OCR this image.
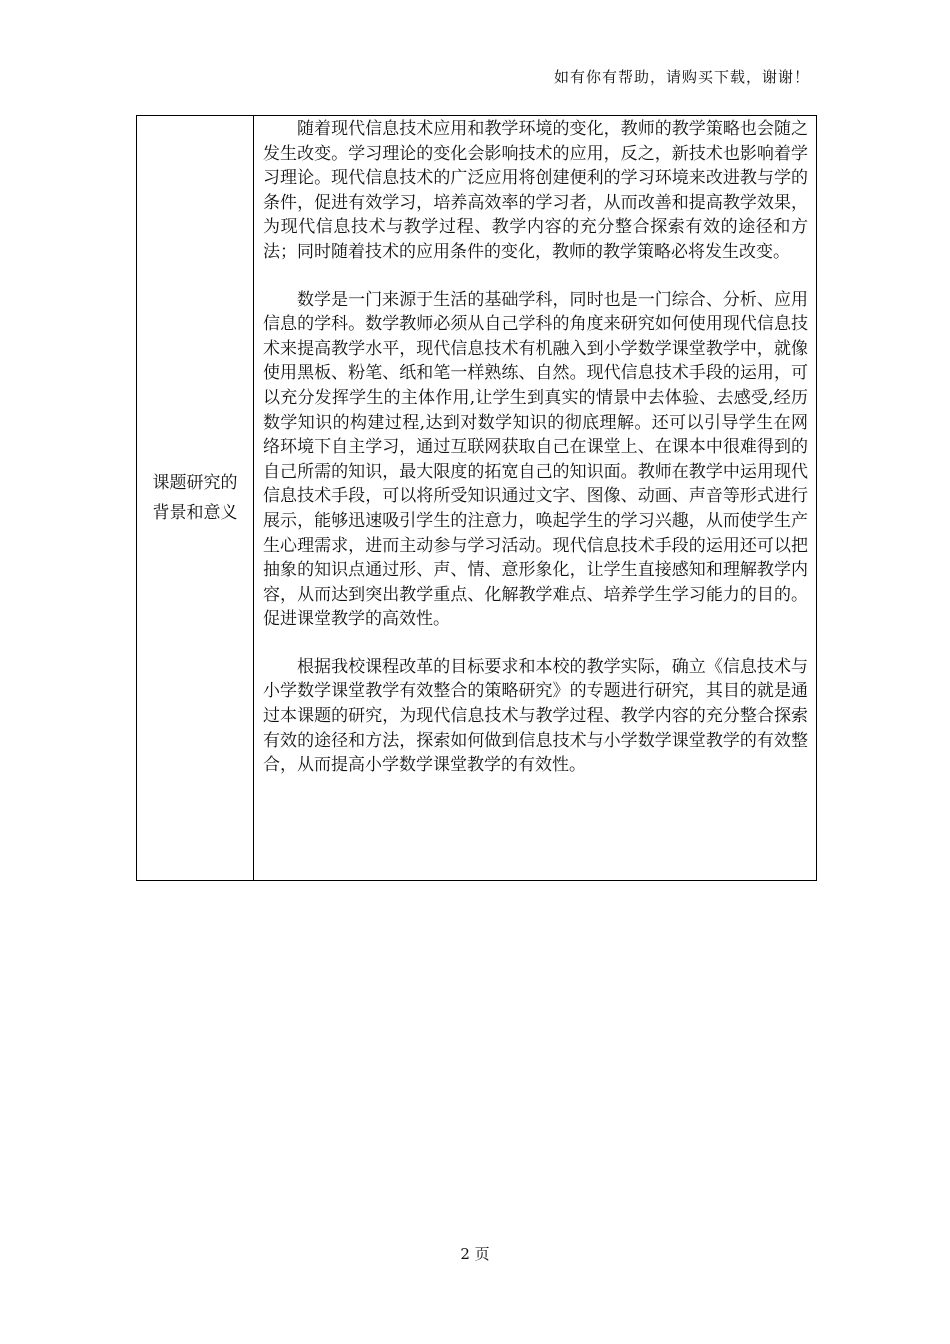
如有你有帮助，请购买下载，谢谢！
课题研究的背景和意义

随着现代信息技术应用和教学环境的变化，教师的教学策略也会随之发生改变。学习理论的变化会影响技术的应用，反之，新技术也影响着学习理论。现代信息技术的广泛应用将创建便利的学习环境来改进教与学的条件，促进有效学习，培养高效率的学习者，从而改善和提高教学效果，为现代信息技术与教学过程、教学内容的充分整合探索有效的途径和方法；同时随着技术的应用条件的变化，教师的教学策略必将发生改变。

数学是一门来源于生活的基础学科，同时也是一门综合、分析、应用信息的学科。数学教师必须从自己学科的角度来研究如何使用现代信息技术来提高教学水平，现代信息技术有机融入到小学数学课堂教学中，就像使用黑板、粉笔、纸和笔一样熟练、自然。现代信息技术手段的运用，可以充分发挥学生的主体作用,让学生到真实的情景中去体验、去感受,经历数学知识的构建过程,达到对数学知识的彻底理解。还可以引导学生在网络环境下自主学习，通过互联网获取自己在课堂上、在课本中很难得到的自己所需的知识，最大限度的拓宽自己的知识面。教师在教学中运用现代信息技术手段，可以将所受知识通过文字、图像、动画、声音等形式进行展示，能够迅速吸引学生的注意力，唤起学生的学习兴趣，从而使学生产生心理需求，进而主动参与学习活动。现代信息技术手段的运用还可以把抽象的知识点通过形、声、情、意形象化，让学生直接感知和理解教学内容，从而达到突出教学重点、化解教学难点、培养学生学习能力的目的。促进课堂教学的高效性。

根据我校课程改革的目标要求和本校的教学实际，确立《信息技术与小学数学课堂教学有效整合的策略研究》的专题进行研究，其目的就是通过本课题的研究，为现代信息技术与教学过程、教学内容的充分整合探索有效的途径和方法，探索如何做到信息技术与小学数学课堂教学的有效整合，从而提高小学数学课堂教学的有效性。

2 页
